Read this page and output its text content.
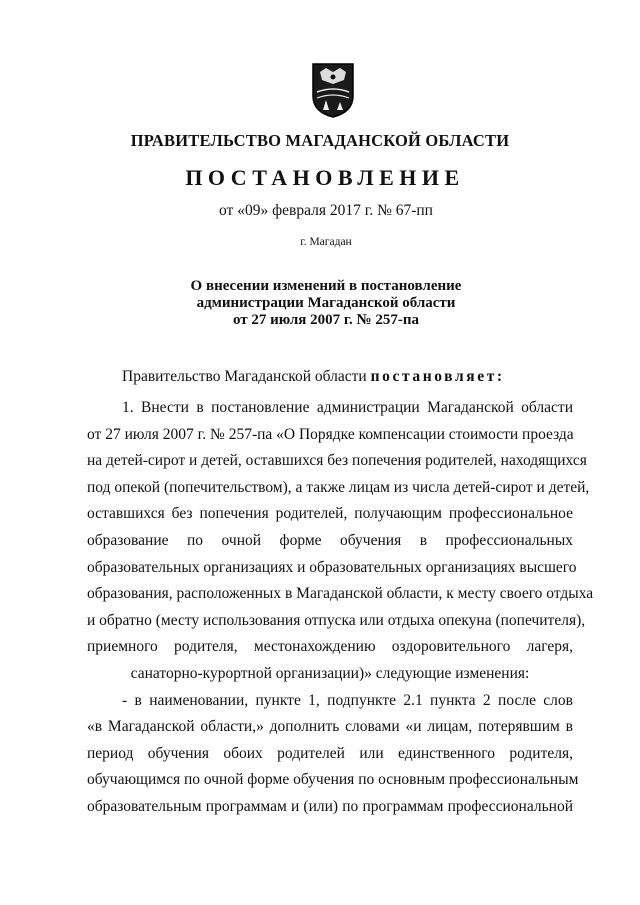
ПРАВИТЕЛЬСТВО МАГАДАНСКОЙ ОБЛАСТИ
ПОСТАНОВЛЕНИЕ
от «09» февраля 2017 г. № 67-пп
г. Магадан
О внесении изменений в постановление
администрации Магаданской области
от 27 июля 2007 г. № 257-па
Правительство Магаданской области постановляет:
1. Внести в постановление администрации Магаданской области
от 27 июля 2007 г. № 257-па «О Порядке компенсации стоимости проезда
на детей-сирот и детей, оставшихся без попечения родителей, находящихся
под опекой (попечительством), а также лицам из числа детей-сирот и детей,
оставшихся без попечения родителей, получающим профессиональное
образование по очной форме обучения в профессиональных
образовательных организациях и образовательных организациях высшего
образования, расположенных в Магаданской области, к месту своего отдыха
и обратно (месту использования отпуска или отдыха опекуна (попечителя),
приемного родителя, местонахождению оздоровительного лагеря,
санаторно-курортной организации)» следующие изменения:
- в наименовании, пункте 1, подпункте 2.1 пункта 2 после слов
«в Магаданской области,» дополнить словами «и лицам, потерявшим в
период обучения обоих родителей или единственного родителя,
обучающимся по очной форме обучения по основным профессиональным
образовательным программам и (или) по программам профессиональной
